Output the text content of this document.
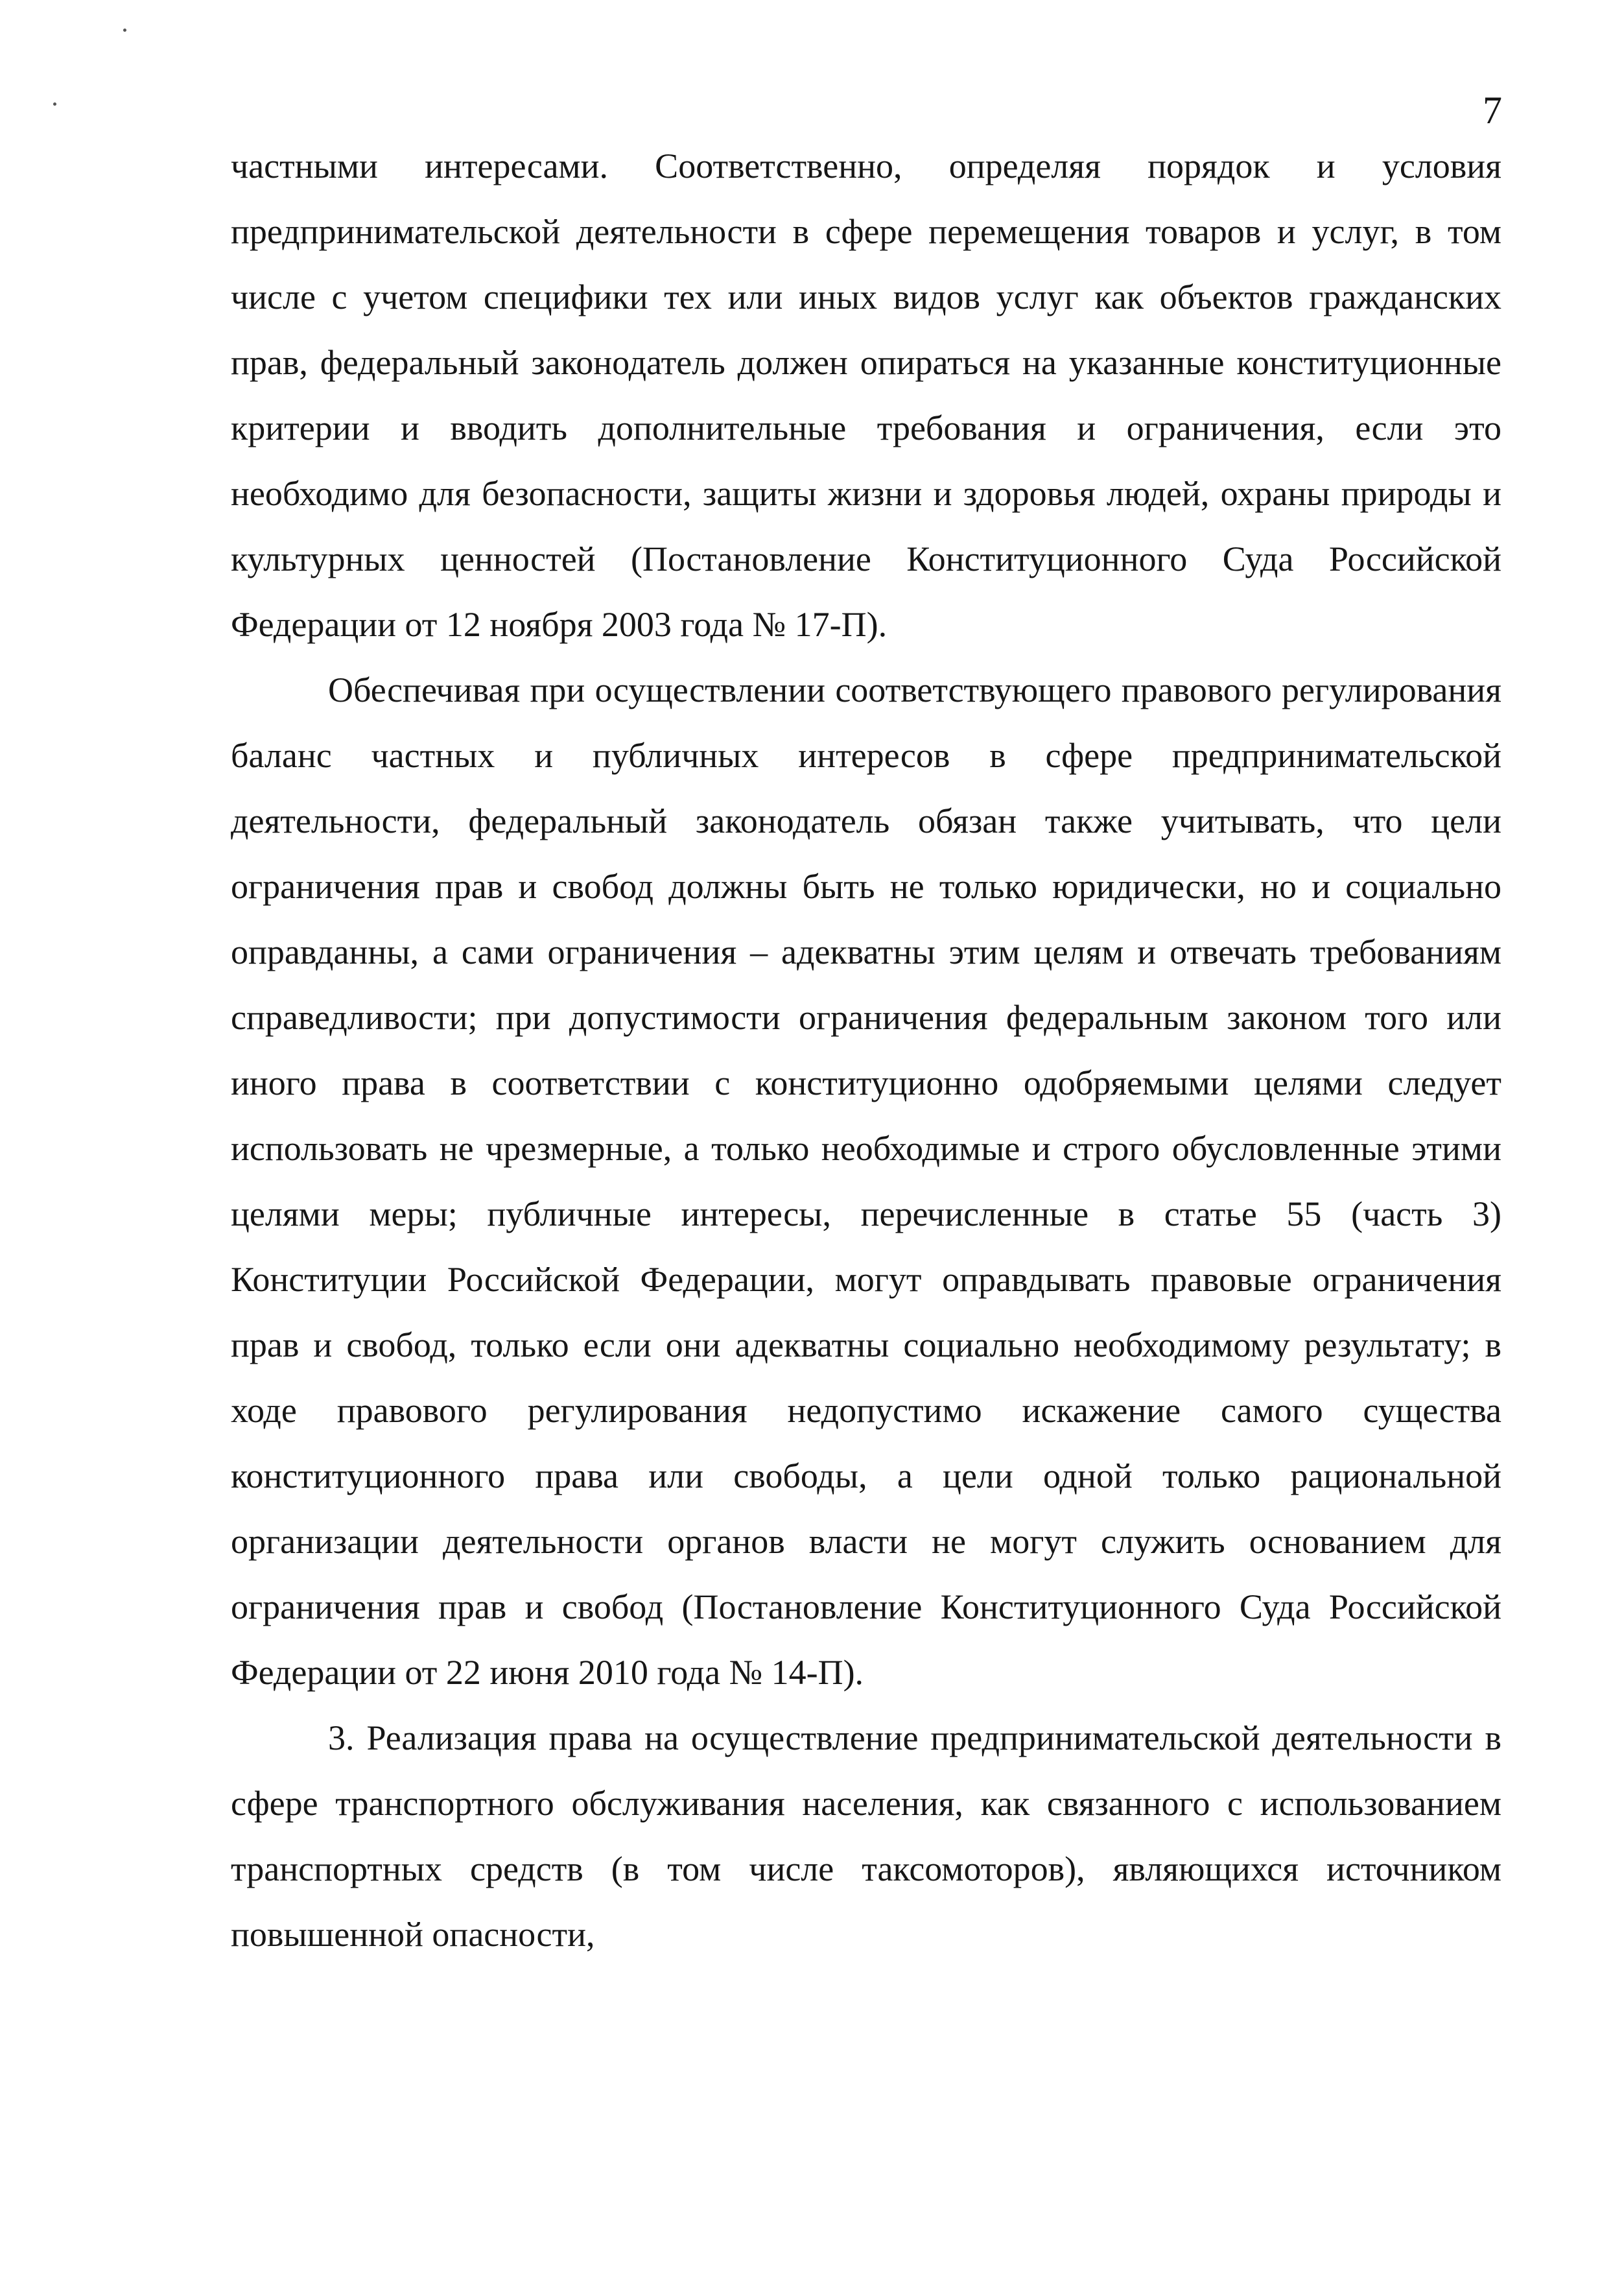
7

частными интересами. Соответственно, определяя порядок и условия предпринимательской деятельности в сфере перемещения товаров и услуг, в том числе с учетом специфики тех или иных видов услуг как объектов гражданских прав, федеральный законодатель должен опираться на указанные конституционные критерии и вводить дополнительные требования и ограничения, если это необходимо для безопасности, защиты жизни и здоровья людей, охраны природы и культурных ценностей (Постановление Конституционного Суда Российской Федерации от 12 ноября 2003 года № 17-П).

Обеспечивая при осуществлении соответствующего правового регулирования баланс частных и публичных интересов в сфере предпринимательской деятельности, федеральный законодатель обязан также учитывать, что цели ограничения прав и свобод должны быть не только юридически, но и социально оправданны, а сами ограничения – адекватны этим целям и отвечать требованиям справедливости; при допустимости ограничения федеральным законом того или иного права в соответствии с конституционно одобряемыми целями следует использовать не чрезмерные, а только необходимые и строго обусловленные этими целями меры; публичные интересы, перечисленные в статье 55 (часть 3) Конституции Российской Федерации, могут оправдывать правовые ограничения прав и свобод, только если они адекватны социально необходимому результату; в ходе правового регулирования недопустимо искажение самого существа конституционного права или свободы, а цели одной только рациональной организации деятельности органов власти не могут служить основанием для ограничения прав и свобод (Постановление Конституционного Суда Российской Федерации от 22 июня 2010 года № 14-П).

3. Реализация права на осуществление предпринимательской деятельности в сфере транспортного обслуживания населения, как связанного с использованием транспортных средств (в том числе таксомоторов), являющихся источником повышенной опасности,
